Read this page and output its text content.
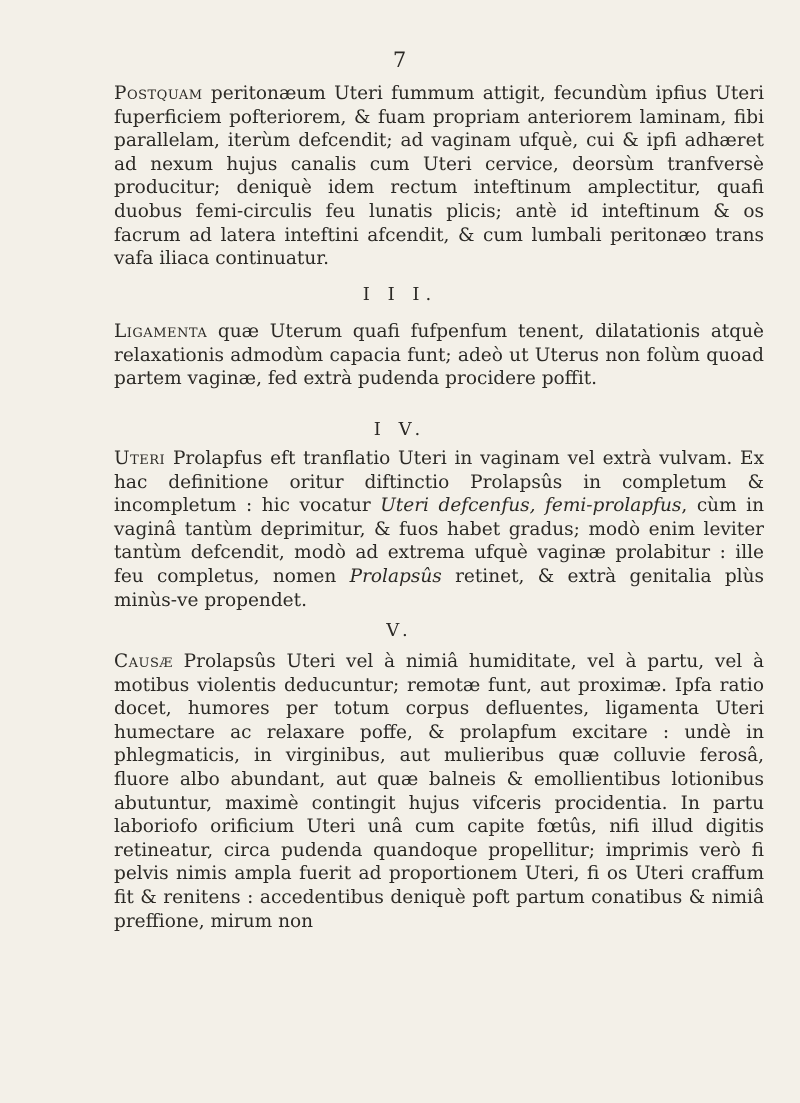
7
Postquam peritonæum Uteri fummum attigit, fecundùm ipfius Uteri fuperficiem pofteriorem, & fuam propriam anteriorem laminam, fibi parallelam, iterùm defcendit; ad vaginam ufquè, cui & ipfi adhæret ad nexum hujus canalis cum Uteri cervice, deorsùm tranfversè producitur; deniquè idem rectum inteftinum amplectitur, quafi duobus femi-circulis feu lunatis plicis; antè id inteftinum & os facrum ad latera inteftini afcendit, & cum lumbali peritonæo trans vafa iliaca continuatur.
I I I.
Ligamenta quæ Uterum quafi fufpenfum tenent, dilatationis atquè relaxationis admodùm capacia funt; adeò ut Uterus non folùm quoad partem vaginæ, fed extrà pudenda procidere poffit.
I V.
Uteri Prolapfus eft tranflatio Uteri in vaginam vel extrà vulvam. Ex hac definitione oritur diftinctio Prolapsûs in completum & incompletum : hic vocatur Uteri defcenfus, femi-prolapfus, cùm in vaginâ tantùm deprimitur, & fuos habet gradus; modò enim leviter tantùm defcendit, modò ad extrema ufquè vaginæ prolabitur : ille feu completus, nomen Prolapsûs retinet, & extrà genitalia plùs minùs-ve propendet.
V.
Causæ Prolapsûs Uteri vel à nimiâ humiditate, vel à partu, vel à motibus violentis deducuntur; remotæ funt, aut proximæ. Ipfa ratio docet, humores per totum corpus defluentes, ligamenta Uteri humectare ac relaxare poffe, & prolapfum excitare : undè in phlegmaticis, in virginibus, aut mulieribus quæ colluvie ferosâ, fluore albo abundant, aut quæ balneis & emollientibus lotionibus abutuntur, maximè contingit hujus vifceris procidentia. In partu laboriofo orificium Uteri unâ cum capite fœtûs, nifi illud digitis retineatur, circa pudenda quandoque propellitur; imprimis verò fi pelvis nimis ampla fuerit ad proportionem Uteri, fi os Uteri craffum fit & renitens : accedentibus deniquè poft partum conatibus & nimiâ preffione, mirum non
